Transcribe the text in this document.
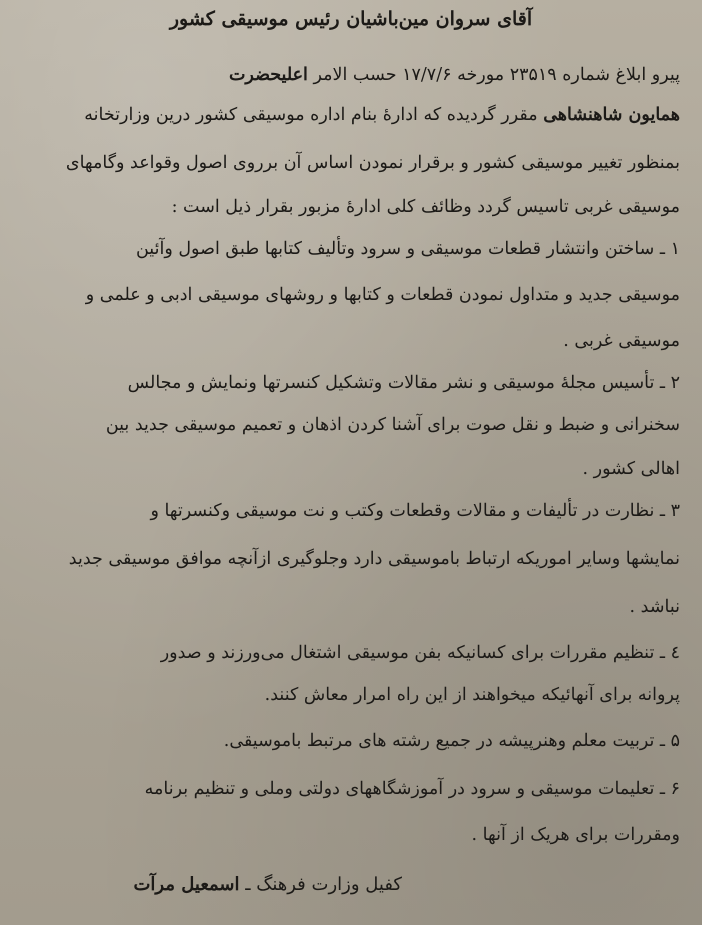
آقای سروان مین‌باشیان رئیس موسیقی کشور
پیرو ابلاغ شماره ۲۳۵۱۹ مورخه ۱۷/۷/۶ حسب الامر اعلیحضرت
همایون شاهنشاهی مقرر گردیده که ادارهٔ بنام اداره موسیقی کشور در‌ین وزارتخانه
بمنظور تغییر موسیقی کشور و برقرار نمودن اساس آن برروی اصول وقواعد وگامهای
موسیقی غربی تاسیس گردد وظائف کلی ادارهٔ مزبور بقرار ذیل است :
۱ ـ ساختن وانتشار قطعات موسیقی و سرود وتألیف کتابها طبق اصول وآئین
موسیقی جدید و متداول نمودن قطعات و کتابها و روشهای موسیقی ادبی و علمی و
موسیقی غربی .
۲ ـ تأسیس مجلهٔ موسیقی و نشر مقالات وتشکیل کنسرتها ونمایش و مجالس
سخنرانی و ضبط و نقل صوت برای آشنا کردن اذهان و تعمیم موسیقی جدید بین
اهالی کشور .
۳ ـ نظارت در تألیفات و مقالات وقطعات وکتب و نت موسیقی وکنسرتها و
نمایشها وسایر اموریکه ارتباط باموسیقی دارد وجلوگیری ازآنچه موافق موسیقی جدید
نباشد .
٤ ـ تنظیم مقررات برای کسانیکه بفن موسیقی اشتغال می‌ورزند و صدور
پروانه برای آنهائیکه میخواهند از این راه امرار معاش کنند.
۵ ـ تربیت معلم وهنرپیشه در جمیع رشته های مرتبط باموسیقی.
۶ ـ تعلیمات موسیقی و سرود در آموزشگاههای دولتی وملی و تنظیم برنامه
ومقررات برای هریک از آنها .
کفیل وزارت فرهنگ ـ اسمعیل مرآت
